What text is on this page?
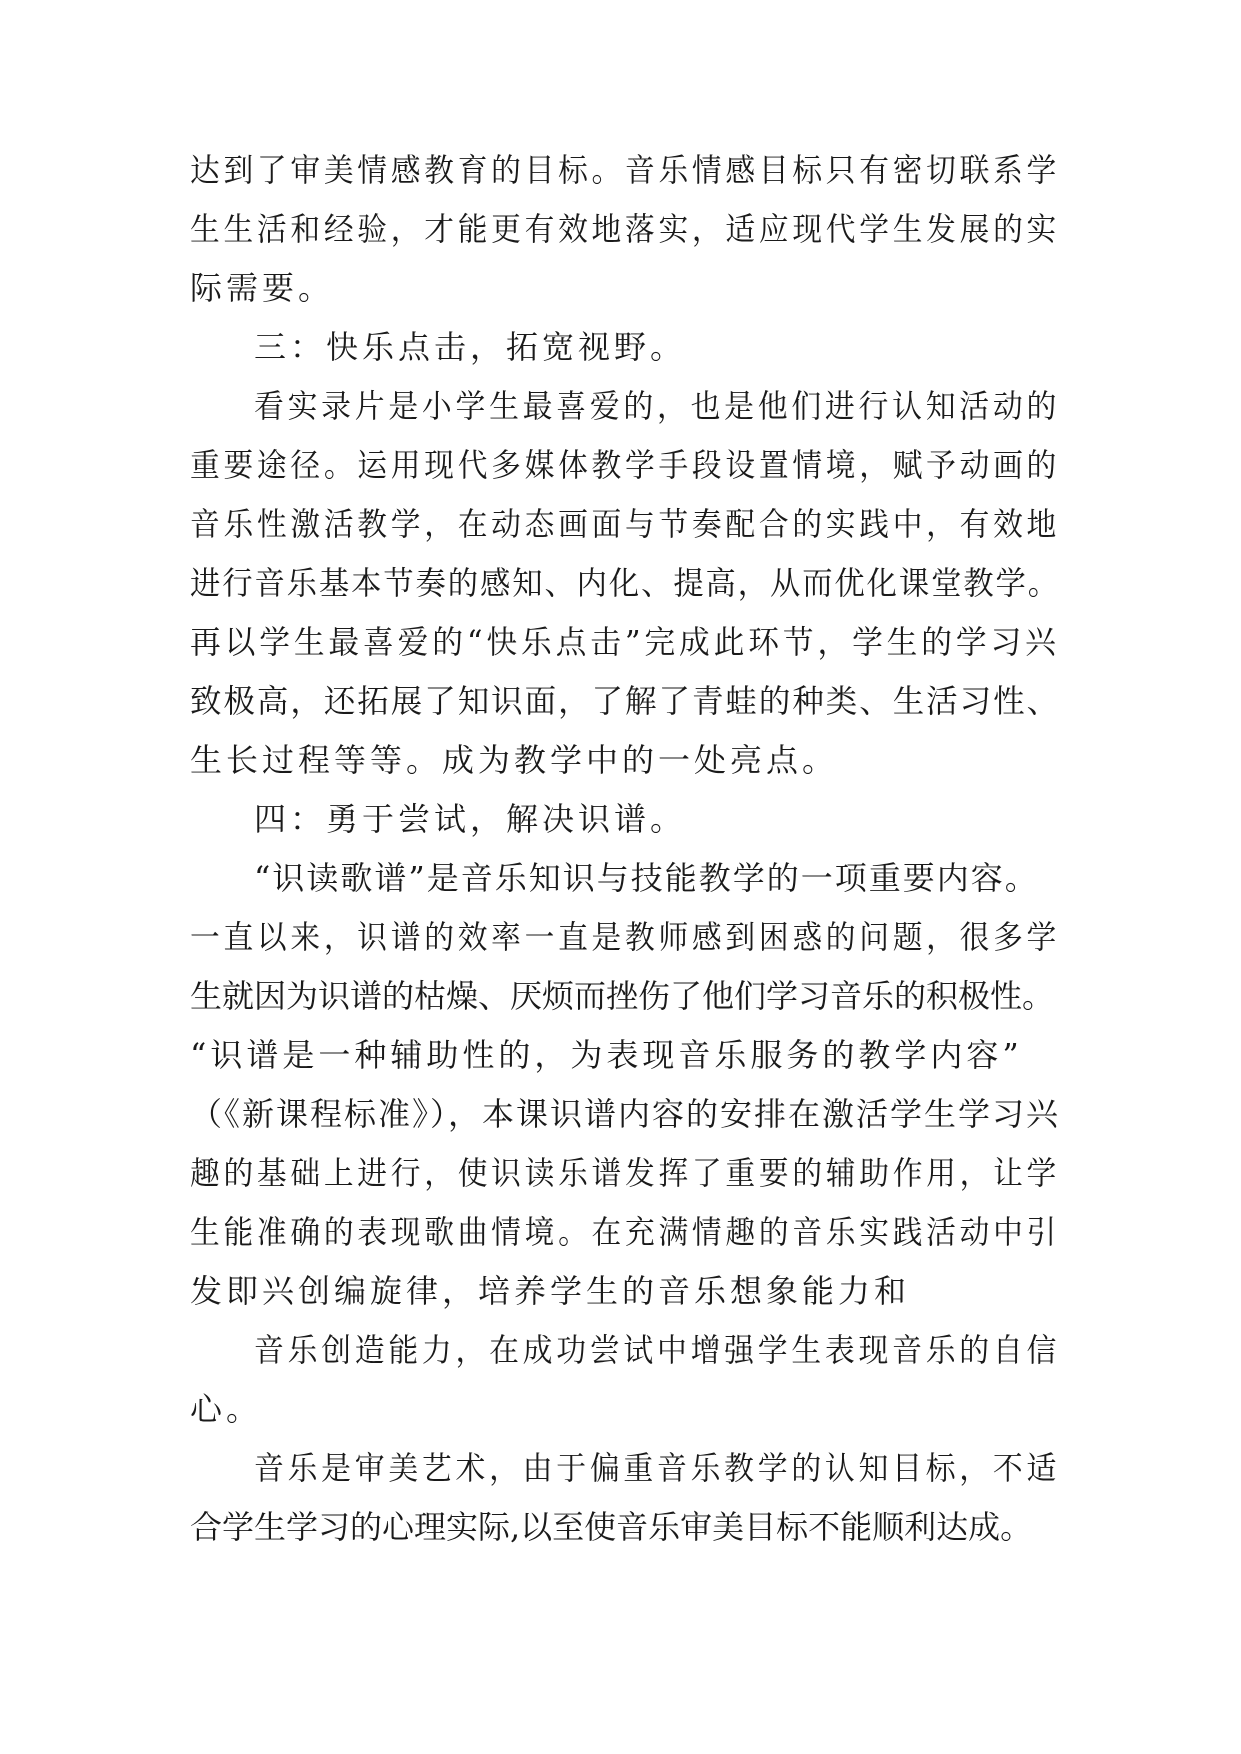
达到了审美情感教育的目标。音乐情感目标只有密切联系学
生生活和经验，才能更有效地落实，适应现代学生发展的实
际需要。
三：快乐点击，拓宽视野。
看实录片是小学生最喜爱的，也是他们进行认知活动的
重要途径。运用现代多媒体教学手段设置情境，赋予动画的
音乐性激活教学，在动态画面与节奏配合的实践中，有效地
进行音乐基本节奏的感知、内化、提高，从而优化课堂教学。
再以学生最喜爱的“快乐点击”完成此环节，学生的学习兴
致极高，还拓展了知识面，了解了青蛙的种类、生活习性、
生长过程等等。成为教学中的一处亮点。
四：勇于尝试，解决识谱。
“识读歌谱”是音乐知识与技能教学的一项重要内容。
一直以来，识谱的效率一直是教师感到困惑的问题，很多学
生就因为识谱的枯燥、厌烦而挫伤了他们学习音乐的积极性。
“识谱是一种辅助性的，为表现音乐服务的教学内容”
（《新课程标准》），本课识谱内容的安排在激活学生学习兴
趣的基础上进行，使识读乐谱发挥了重要的辅助作用，让学
生能准确的表现歌曲情境。在充满情趣的音乐实践活动中引
发即兴创编旋律，培养学生的音乐想象能力和
音乐创造能力，在成功尝试中增强学生表现音乐的自信
心。
音乐是审美艺术，由于偏重音乐教学的认知目标，不适
合学生学习的心理实际,以至使音乐审美目标不能顺利达成。
